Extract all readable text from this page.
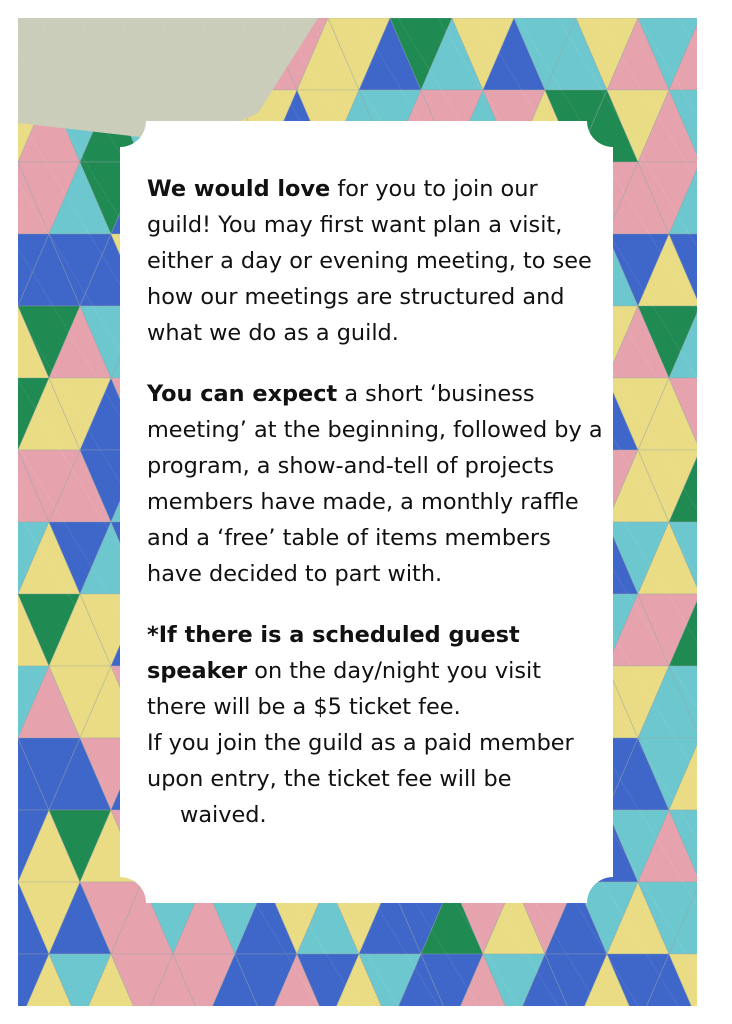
We would love for you to join our guild! You may first want plan a visit, either a day or evening meeting, to see how our meetings are structured and what we do as a guild.

You can expect a short ‘business meeting’ at the beginning, followed by a program, a show-and-tell of projects members have made, a monthly raffle and a ‘free’ table of items members have decided to part with.

*If there is a scheduled guest speaker on the day/night you visit there will be a $5 ticket fee.
If you join the guild as a paid member upon entry, the ticket fee will be
waived.
